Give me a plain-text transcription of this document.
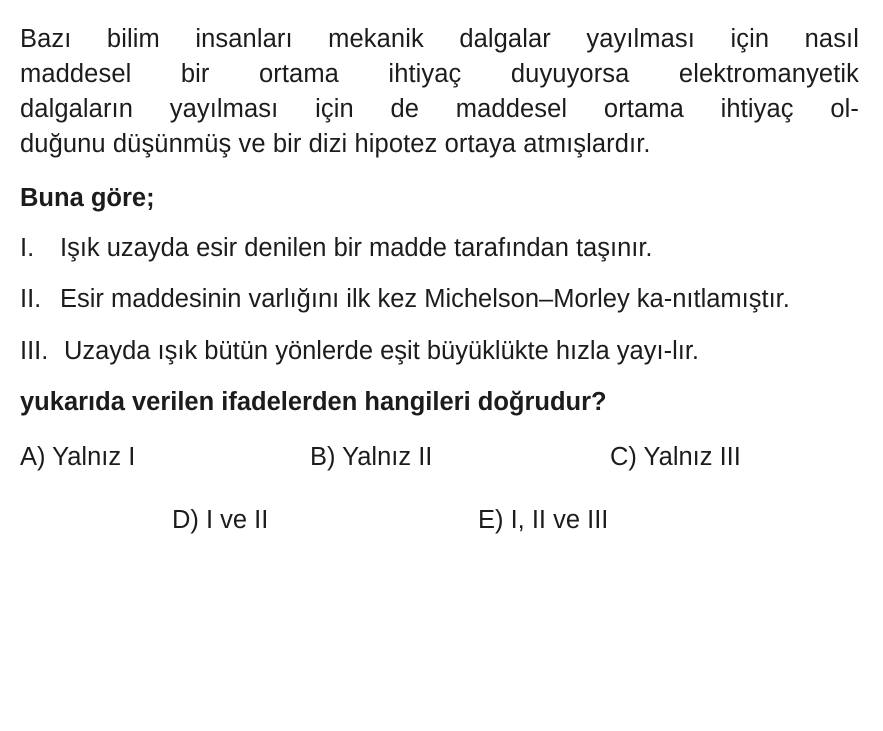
Bazı bilim insanları mekanik dalgalar yayılması için nasıl
maddesel bir ortama ihtiyaç duyuyorsa elektromanyetik
dalgaların yayılması için de maddesel ortama ihtiyaç ol-
duğunu düşünmüş ve bir dizi hipotez ortaya atmışlardır.
Buna göre;
I.	Işık uzayda esir denilen bir madde tarafından taşınır.
II. Esir maddesinin varlığını ilk kez Michelson–Morley ka-nıtlamıştır.
III. Uzayda ışık bütün yönlerde eşit büyüklükte hızla yayı-lır.
yukarıda verilen ifadelerden hangileri doğrudur?
A) Yalnız I	B) Yalnız II	C) Yalnız III
D) I ve II	E) I, II ve III
